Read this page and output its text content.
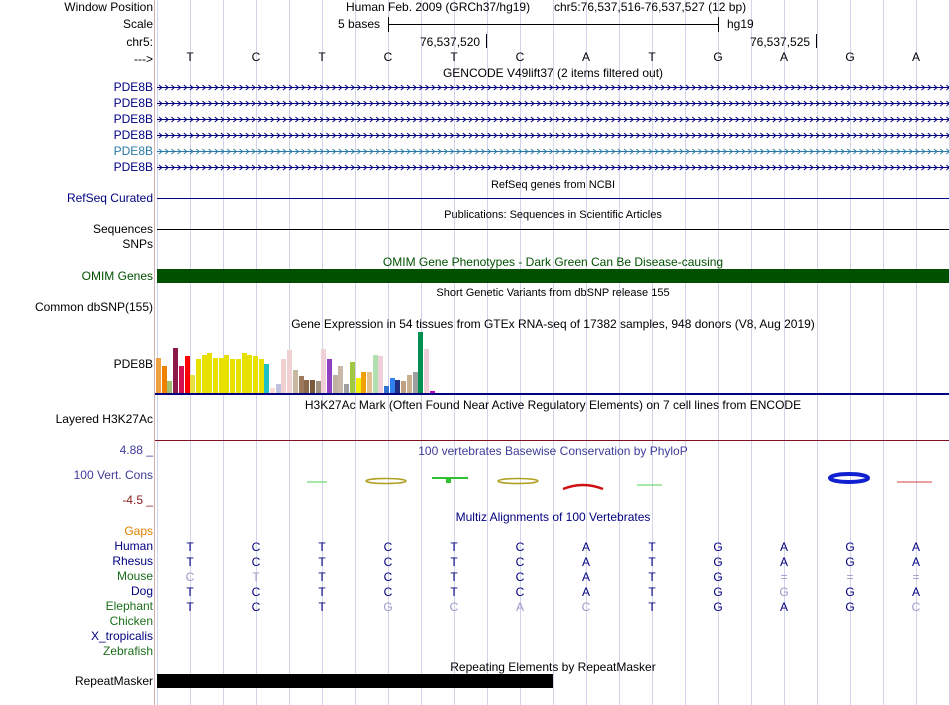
Window Position
Scale
chr5:
--->
Human Feb. 2009 (GRCh37/hg19) chr5:76,537,516-76,537,527 (12 bp)
5 bases	hg19
76,537,520	76,537,525
T	C	T	C	T	C	A	T	G	A	G	A
GENCODE V49lift37 (2 items filtered out)
PDE8B
PDE8B
PDE8B
PDE8B
PDE8B
PDE8B
RefSeq genes from NCBI
RefSeq Curated
Publications: Sequences in Scientific Articles
Sequences
SNPs
OMIM Gene Phenotypes - Dark Green Can Be Disease-causing
OMIM Genes
Short Genetic Variants from dbSNP release 155
Common dbSNP(155)
Gene Expression in 54 tissues from GTEx RNA-seq of 17382 samples, 948 donors (V8, Aug 2019)
PDE8B
H3K27Ac Mark (Often Found Near Active Regulatory Elements) on 7 cell lines from ENCODE
Layered H3K27Ac
100 vertebrates Basewise Conservation by PhyloP
4.88 _
100 Vert. Cons
-4.5 _
Multiz Alignments of 100 Vertebrates
Gaps
Human	T	C	T	C	T	C	A	T	G	A	G	A
Rhesus	T	C	T	C	T	C	A	T	G	A	G	A
Mouse	C	T	T	C	T	C	A	T	G	=	=	=
Dog	T	C	T	C	T	C	A	T	G	G	G	A
Elephant	T	C	T	G	C	A	C	T	G	A	G	C
Chicken
X_tropicalis
Zebrafish
Repeating Elements by RepeatMasker
RepeatMasker
